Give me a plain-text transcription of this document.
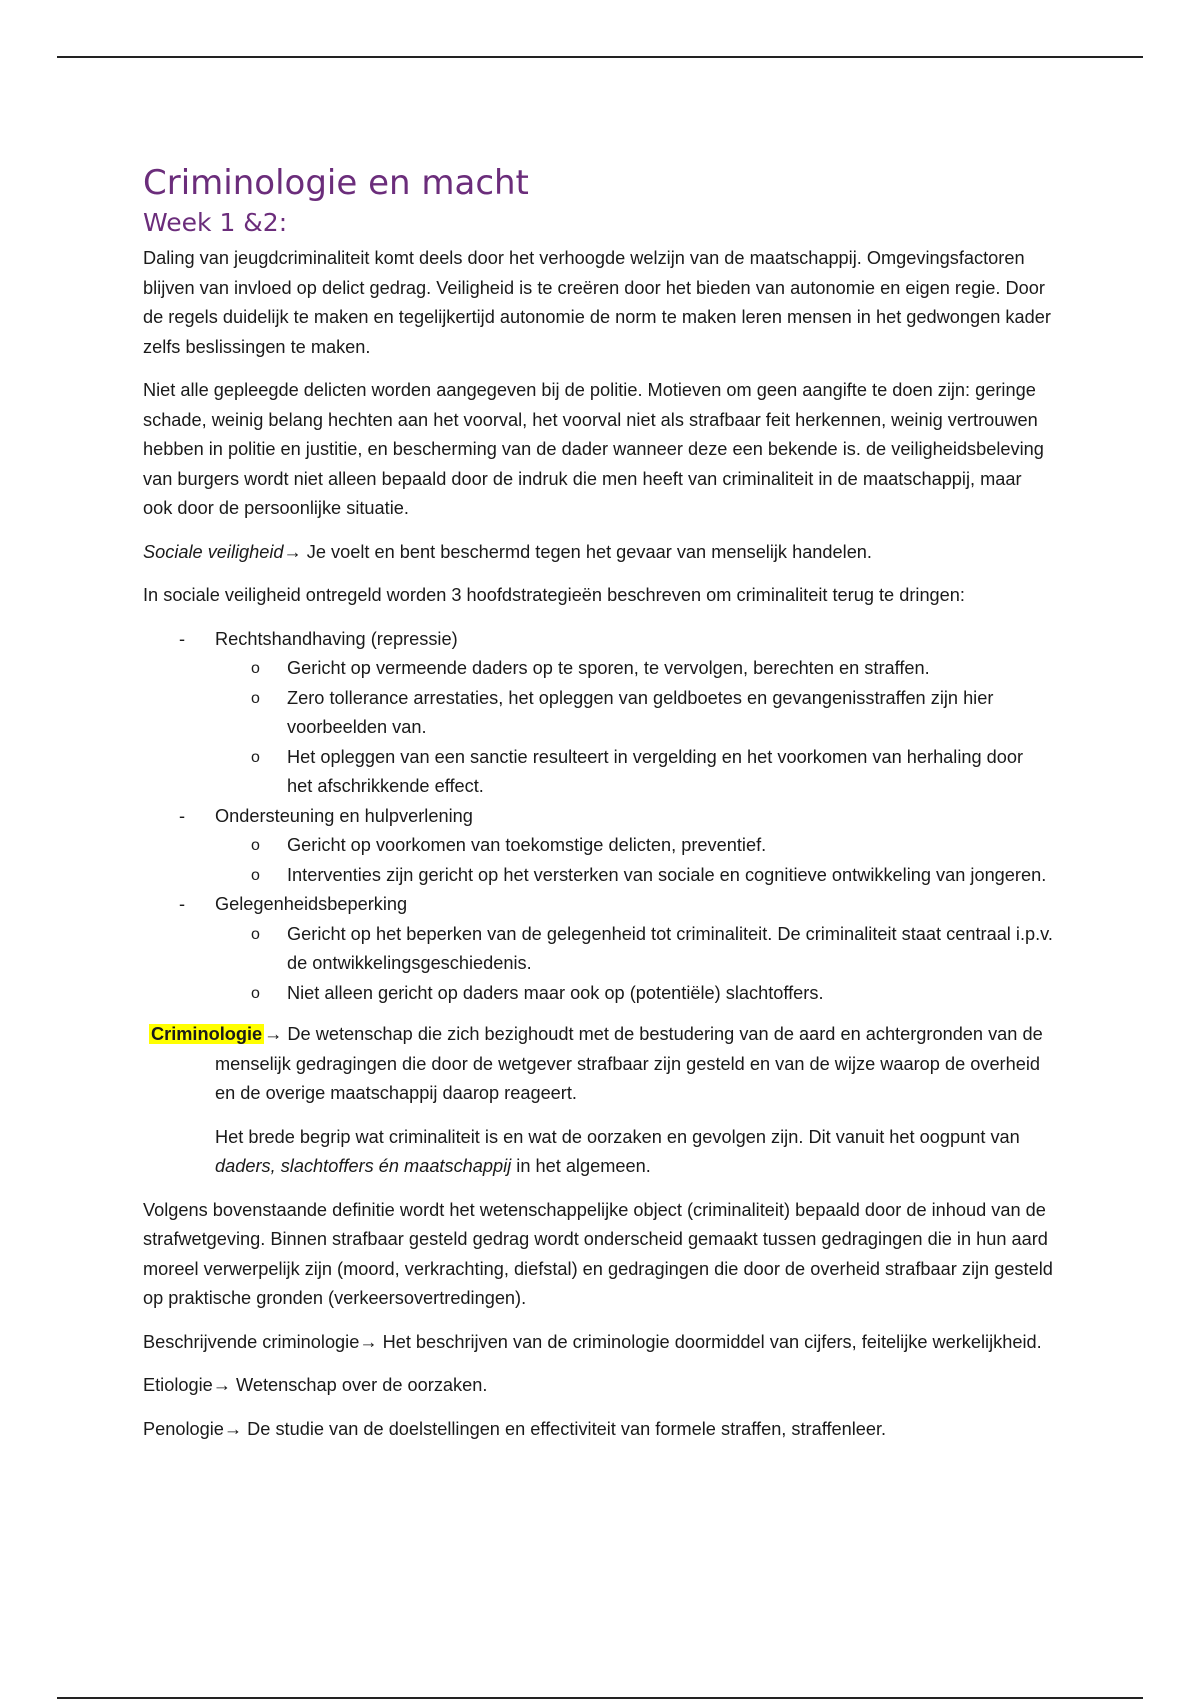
Criminologie en macht
Week 1 &2:

Daling van jeugdcriminaliteit komt deels door het verhoogde welzijn van de maatschappij. Omgevingsfactoren blijven van invloed op delict gedrag. Veiligheid is te creëren door het bieden van autonomie en eigen regie. Door de regels duidelijk te maken en tegelijkertijd autonomie de norm te maken leren mensen in het gedwongen kader zelfs beslissingen te maken.

Niet alle gepleegde delicten worden aangegeven bij de politie. Motieven om geen aangifte te doen zijn: geringe schade, weinig belang hechten aan het voorval, het voorval niet als strafbaar feit herkennen, weinig vertrouwen hebben in politie en justitie, en bescherming van de dader wanneer deze een bekende is. de veiligheidsbeleving van burgers wordt niet alleen bepaald door de indruk die men heeft van criminaliteit in de maatschappij, maar ook door de persoonlijke situatie.

Sociale veiligheid→ Je voelt en bent beschermd tegen het gevaar van menselijk handelen.

In sociale veiligheid ontregeld worden 3 hoofdstrategieën beschreven om criminaliteit terug te dringen:

- Rechtshandhaving (repressie)
o Gericht op vermeende daders op te sporen, te vervolgen, berechten en straffen.
o Zero tollerance arrestaties, het opleggen van geldboetes en gevangenisstraffen zijn hier voorbeelden van.
o Het opleggen van een sanctie resulteert in vergelding en het voorkomen van herhaling door het afschrikkende effect.
- Ondersteuning en hulpverlening
o Gericht op voorkomen van toekomstige delicten, preventief.
o Interventies zijn gericht op het versterken van sociale en cognitieve ontwikkeling van jongeren.
- Gelegenheidsbeperking
o Gericht op het beperken van de gelegenheid tot criminaliteit. De criminaliteit staat centraal i.p.v. de ontwikkelingsgeschiedenis.
o Niet alleen gericht op daders maar ook op (potentiële) slachtoffers.

Criminologie → De wetenschap die zich bezighoudt met de bestudering van de aard en achtergronden van de menselijk gedragingen die door de wetgever strafbaar zijn gesteld en van de wijze waarop de overheid en de overige maatschappij daarop reageert.

Het brede begrip wat criminaliteit is en wat de oorzaken en gevolgen zijn. Dit vanuit het oogpunt van daders, slachtoffers én maatschappij in het algemeen.

Volgens bovenstaande definitie wordt het wetenschappelijke object (criminaliteit) bepaald door de inhoud van de strafwetgeving. Binnen strafbaar gesteld gedrag wordt onderscheid gemaakt tussen gedragingen die in hun aard moreel verwerpelijk zijn (moord, verkrachting, diefstal) en gedragingen die door de overheid strafbaar zijn gesteld op praktische gronden (verkeersovertredingen).

Beschrijvende criminologie→ Het beschrijven van de criminologie doormiddel van cijfers, feitelijke werkelijkheid.

Etiologie→ Wetenschap over de oorzaken.

Penologie→ De studie van de doelstellingen en effectiviteit van formele straffen, straffenleer.
